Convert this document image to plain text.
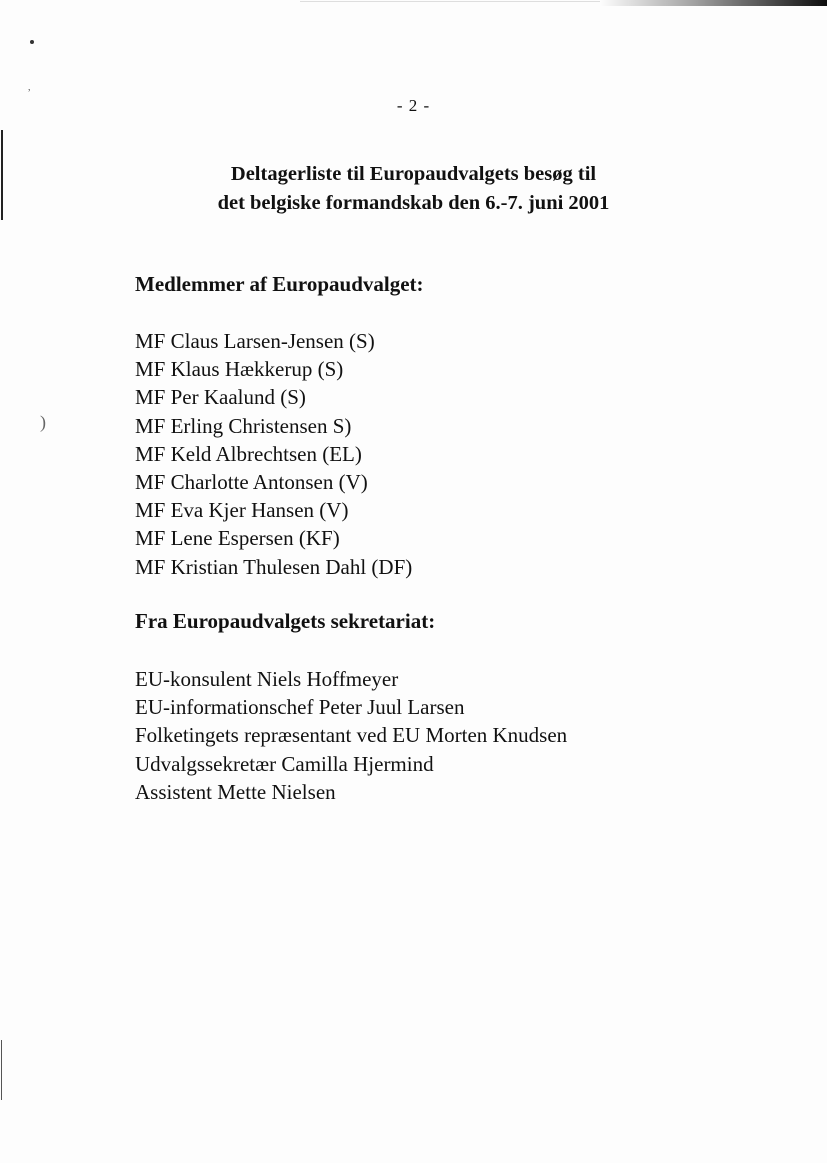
,
)
- 2 -
Deltagerliste til Europaudvalgets besøg til
det belgiske formandskab den 6.-7. juni 2001
Medlemmer af Europaudvalget:
MF Claus Larsen-Jensen (S)
MF Klaus Hækkerup (S)
MF Per Kaalund (S)
MF Erling Christensen S)
MF Keld Albrechtsen (EL)
MF Charlotte Antonsen (V)
MF Eva Kjer Hansen (V)
MF Lene Espersen (KF)
MF Kristian Thulesen Dahl (DF)
Fra Europaudvalgets sekretariat:
EU-konsulent Niels Hoffmeyer
EU-informationschef Peter Juul Larsen
Folketingets repræsentant ved EU Morten Knudsen
Udvalgssekretær Camilla Hjermind
Assistent Mette Nielsen
